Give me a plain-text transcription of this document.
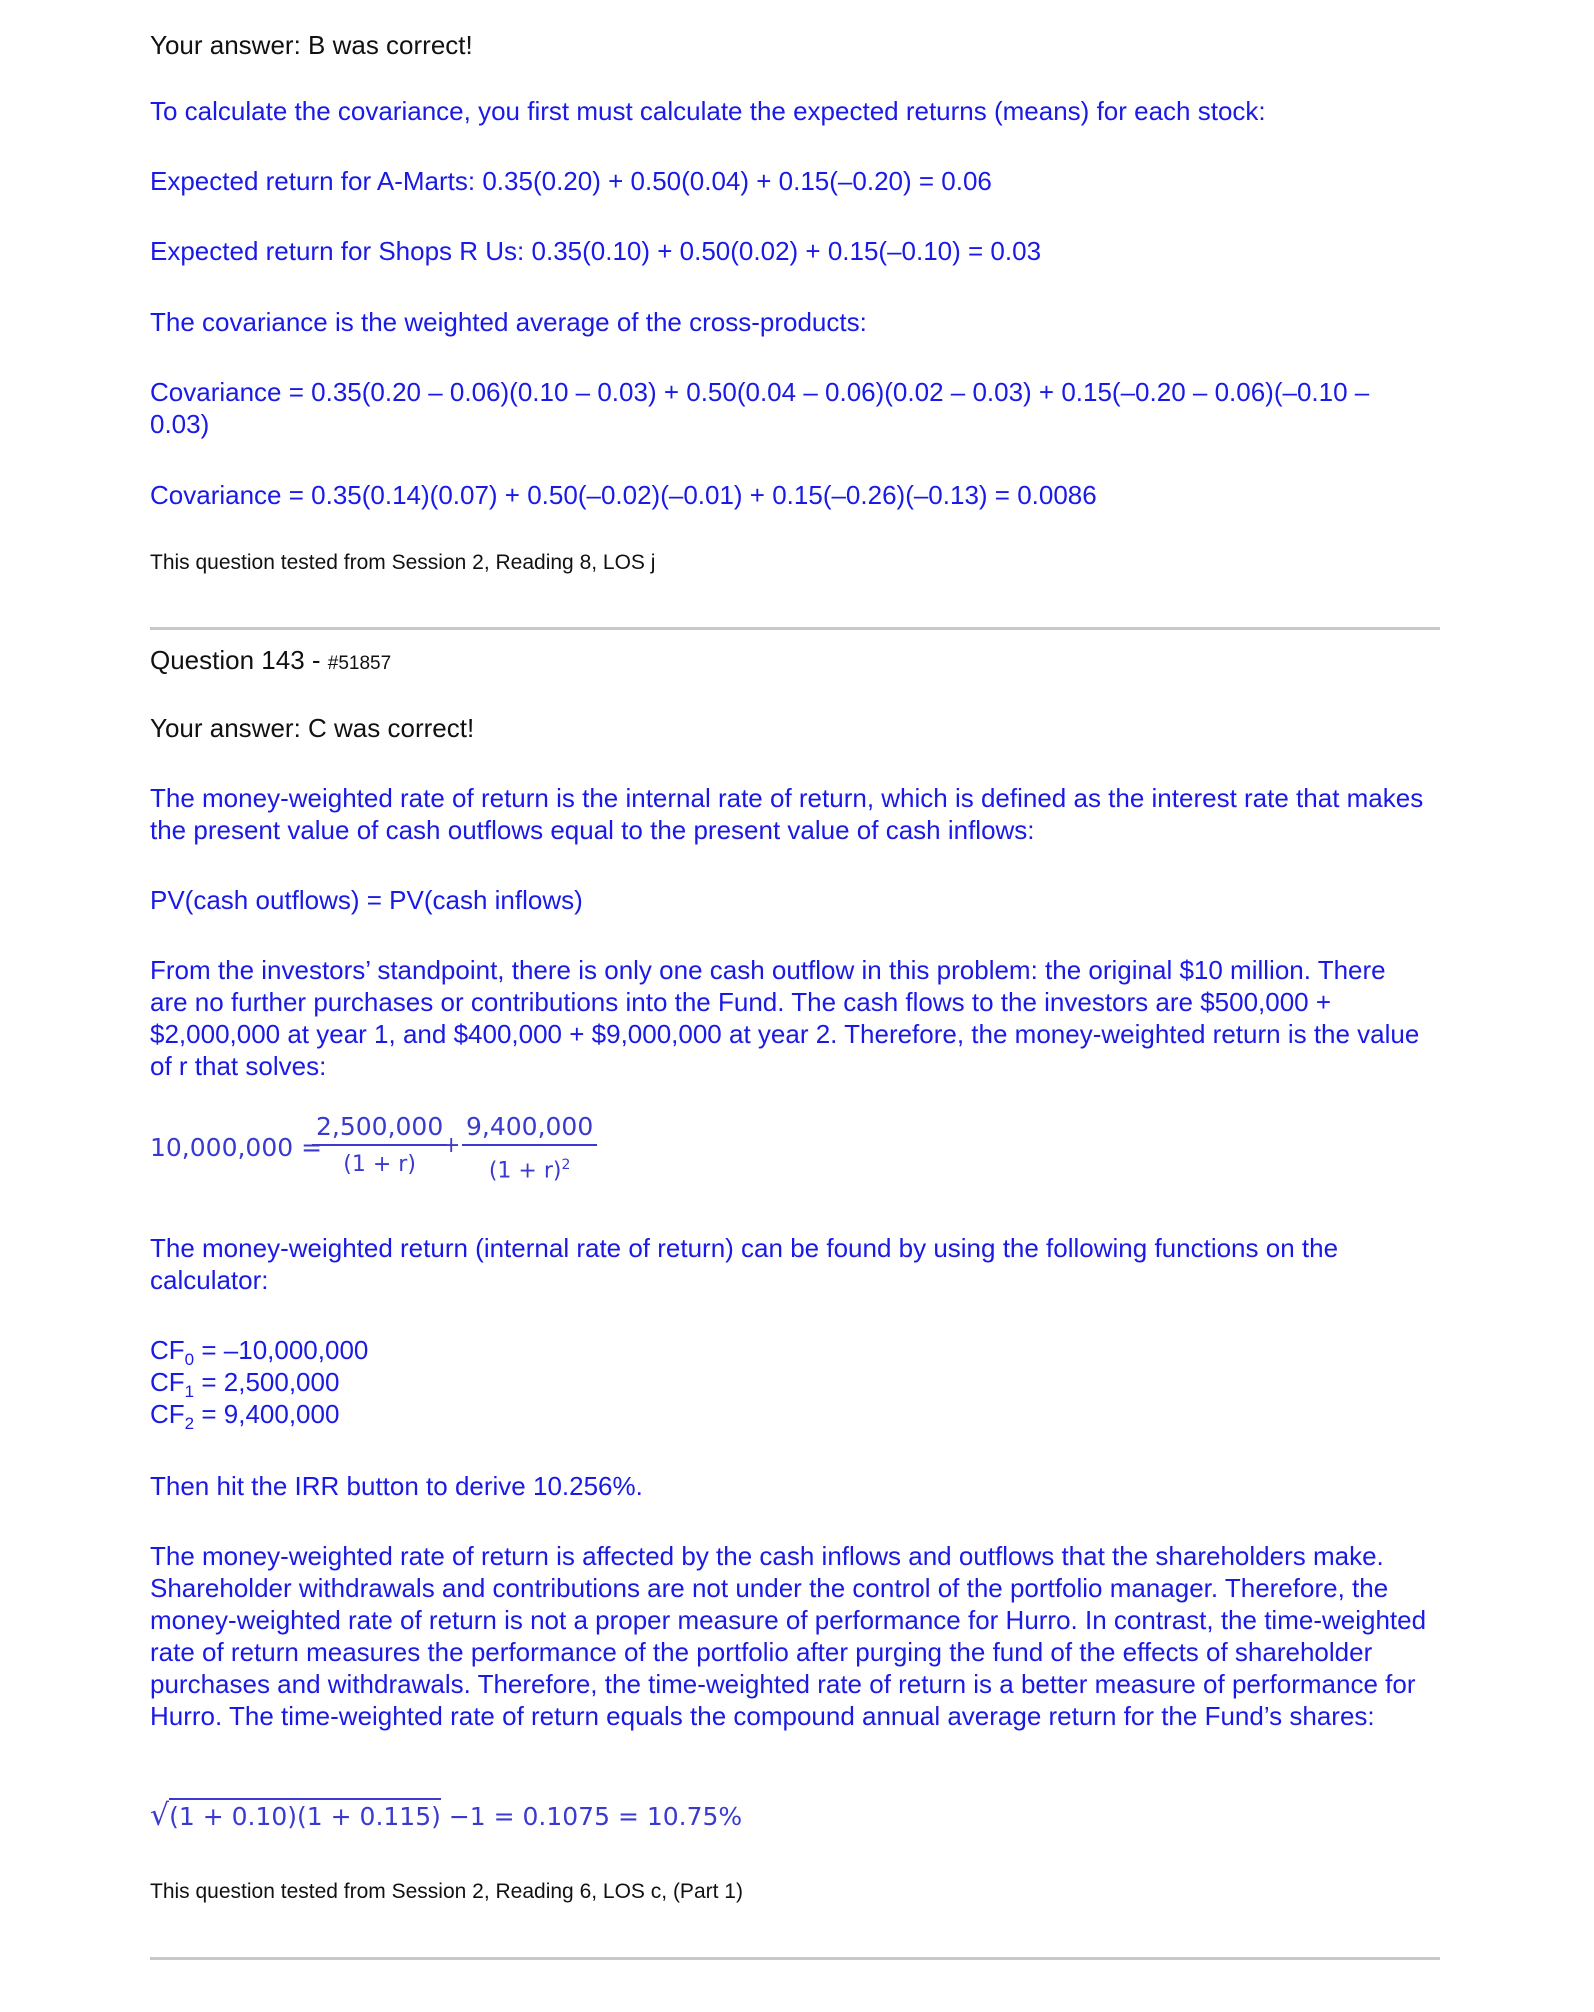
Your answer: B was correct!
To calculate the covariance, you first must calculate the expected returns (means) for each stock:
Expected return for A-Marts: 0.35(0.20) + 0.50(0.04) + 0.15(–0.20) = 0.06
Expected return for Shops R Us: 0.35(0.10) + 0.50(0.02) + 0.15(–0.10) = 0.03
The covariance is the weighted average of the cross-products:
Covariance = 0.35(0.20 – 0.06)(0.10 – 0.03) + 0.50(0.04 – 0.06)(0.02 – 0.03) + 0.15(–0.20 – 0.06)(–0.10 – 0.03)
Covariance = 0.35(0.14)(0.07) + 0.50(–0.02)(–0.01) + 0.15(–0.26)(–0.13) = 0.0086
This question tested from Session 2, Reading 8, LOS j
Question 143 - #51857
Your answer: C was correct!
The money-weighted rate of return is the internal rate of return, which is defined as the interest rate that makes the present value of cash outflows equal to the present value of cash inflows:
PV(cash outflows) = PV(cash inflows)
From the investors’ standpoint, there is only one cash outflow in this problem: the original $10 million. There are no further purchases or contributions into the Fund. The cash flows to the investors are $500,000 + $2,000,000 at year 1, and $400,000 + $9,000,000 at year 2. Therefore, the money-weighted return is the value of r that solves:
10,000,000 =
$\frac{2,500,000}{(1 + r)}$
+ $\frac{9,400,000}{(1 + r)^2}$
The money-weighted return (internal rate of return) can be found by using the following functions on the calculator:
$CF_0 = -10,000,000$
$CF_1 = 2,500,000$
$CF_2 = 9,400,000$
Then hit the IRR button to derive 10.256%.
The money-weighted rate of return is affected by the cash inflows and outflows that the shareholders make. Shareholder withdrawals and contributions are not under the control of the portfolio manager. Therefore, the money-weighted rate of return is not a proper measure of performance for Hurro. In contrast, the time-weighted rate of return measures the performance of the portfolio after purging the fund of the effects of shareholder purchases and withdrawals. Therefore, the time-weighted rate of return is a better measure of performance for Hurro. The time-weighted rate of return equals the compound annual average return for the Fund’s shares:
√(1 + 0.10)(1 + 0.115) −1 = 0.1075 = 10.75%
This question tested from Session 2, Reading 6, LOS c, (Part 1)
